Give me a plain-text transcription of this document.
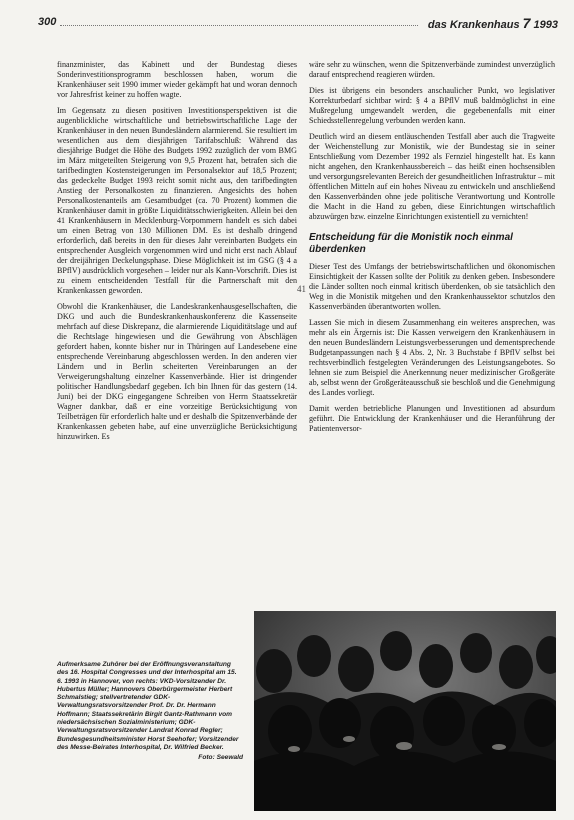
300	das Krankenhaus 7 1993

finanzminister, das Kabinett und der Bundestag dieses Sonderinvestitionsprogramm beschlossen haben, worum die Krankenhäuser seit 1990 immer wieder gekämpft hat und woran dennoch vor Jahresfrist keiner zu hoffen wagte.

Im Gegensatz zu diesen positiven Investitionsperspektiven ist die augenblickliche wirtschaftliche und betriebswirtschaftliche Lage der Krankenhäuser in den neuen Bundesländern alarmierend. Sie resultiert im wesentlichen aus dem diesjährigen Tarifabschluß: Während das diesjährige Budget die Höhe des Budgets 1992 zuzüglich der vom BMG im März mitgeteilten Steigerung von 9,5 Prozent hat, betrafen sich die tarifbedingten Kostensteigerungen im Personalsektor auf 18,5 Prozent; das gedeckelte Budget 1993 reicht somit nicht aus, den tarifbedingten Anstieg der Personalkosten zu finanzieren. Angesichts des hohen Personalkostenanteils am Gesamtbudget (ca. 70 Prozent) kommen die Krankenhäuser damit in größte Liquiditätsschwierigkeiten. Allein bei den 41 Krankenhäusern in Mecklenburg-Vorpommern handelt es sich dabei um einen Betrag von 130 Millionen DM. Es ist deshalb dringend erforderlich, daß bereits in den für dieses Jahr vereinbarten Budgets ein entsprechender Ausgleich vorgenommen wird und nicht erst nach Ablauf der dreijährigen Deckelungsphase. Diese Möglichkeit ist im GSG (§ 4 a BPflV) ausdrücklich vorgesehen – leider nur als Kann-Vorschrift. Dies ist zu einem entscheidenden Testfall für die Partnerschaft mit den Krankenkassen geworden.

Obwohl die Krankenhäuser, die Landeskrankenhausgesellschaften, die DKG und auch die Bundeskrankenhauskonferenz die Kassenseite mehrfach auf diese Diskrepanz, die alarmierende Liquiditätslage und auf die Rechtslage hingewiesen und die Gewährung von Abschlägen gefordert haben, konnte bisher nur in Thüringen auf Landesebene eine entsprechende Vereinbarung abgeschlossen werden. In den anderen vier Ländern und in Berlin scheiterten Vereinbarungen an der Verweigerungshaltung einzelner Kassenverbände. Hier ist dringender politischer Handlungsbedarf gegeben. Ich bin Ihnen für das gestern (14. Juni) bei der DKG eingegangene Schreiben von Herrn Staatssekretär Wagner dankbar, daß er eine vorzeitige Berücksichtigung von Teilbeträgen für erforderlich halte und er deshalb die Spitzenverbände der Krankenkassen gebeten habe, auf eine unverzügliche Berücksichtigung hinzuwirken. Es

41

wäre sehr zu wünschen, wenn die Spitzenverbände zumindest unverzüglich darauf entsprechend reagieren würden.

Dies ist übrigens ein besonders anschaulicher Punkt, wo legislativer Korrekturbedarf sichtbar wird: § 4 a BPflV muß baldmöglichst in eine Mußregelung umgewandelt werden, die gegebenenfalls mit einer Schiedsstellenregelung verbunden werden kann.

Deutlich wird an diesem entläuschenden Testfall aber auch die Tragweite der Weichenstellung zur Monistik, wie der Bundestag sie in seiner Entschließung vom Dezember 1992 als Fernziel hingestellt hat. Es kann nicht angehen, den Krankenhaussbereich – das heißt einen hochsensiblen und versorgungsrelevanten Bereich der gesundheitlichen Infrastruktur – mit öffentlichen Mitteln auf ein hohes Niveau zu entwickeln und anschließend den Kassenverbänden ohne jede politische Verantwortung und Kontrolle die Macht in die Hand zu geben, diese Einrichtungen wirtschaftlich abzuwürgen bzw. einzelne Einrichtungen existentiell zu vernichten!

Entscheidung für die Monistik noch einmal überdenken

Dieser Test des Umfangs der betriebswirtschaftlichen und ökonomischen Einsichtigkeit der Kassen sollte der Politik zu denken geben. Insbesondere die Länder sollten noch einmal kritisch überdenken, ob sie tatsächlich den Weg in die Monistik mitgehen und den Krankenhaussektor schutzlos den Kassenverbänden überantworten wollen.

Lassen Sie mich in diesem Zusammenhang ein weiteres ansprechen, was mehr als ein Ärgernis ist: Die Kassen verweigern den Krankenhäusern in den neuen Bundesländern Leistungsverbesserungen und dementsprechende Budgetanpassungen nach § 4 Abs. 2, Nr. 3 Buchstabe f BPflV selbst bei rechtsverbindlich festgelegten Veränderungen des Leistungsangebotes. So lehnen sie zum Beispiel die Anerkennung neuer medizinischer Großgeräte ab, selbst wenn der Großgeräteausschuß sie beschloß und die Genehmigung des Landes vorliegt.

Damit werden betriebliche Planungen und Investitionen ad absurdum geführt. Die Entwicklung der Krankenhäuser und die Heranführung der Patientenversor-

Aufmerksame Zuhörer bei der Eröffnungsveranstaltung des 16. Hospital Congresses und der Interhospital am 15. 6. 1993 in Hannover, von rechts: VKD-Vorsitzender Dr. Hubertus Müller; Hannovers Oberbürgermeister Herbert Schmalstieg; stellvertretender GDK-Verwaltungsratsvorsitzender Prof. Dr. Dr. Hermann Hoffmann; Staatssekretärin Birgit Gantz-Rathmann vom niedersächsischen Sozialministerium; GDK-Verwaltungsratsvorsitzender Landrat Konrad Regler; Bundesgesundheitsminister Horst Seehofer; Vorsitzender des Messe-Beirates Interhospital, Dr. Wilfried Becker.
Foto: Seewald
